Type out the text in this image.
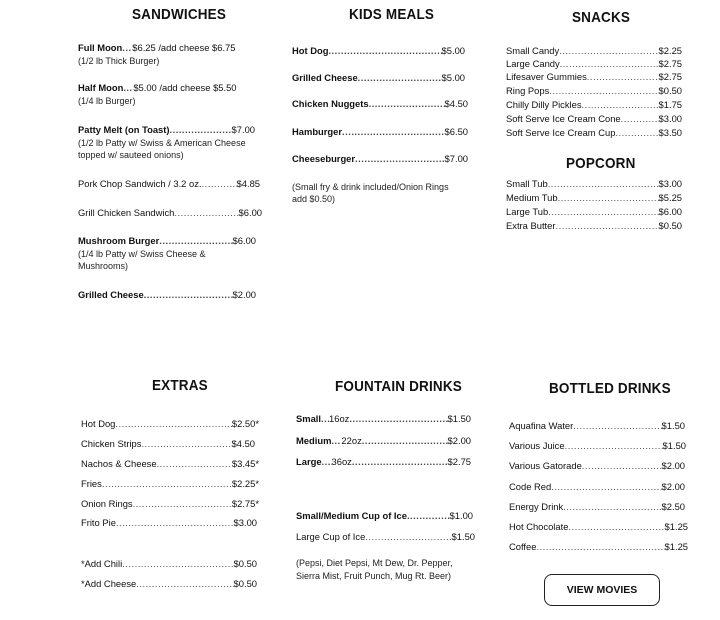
SANDWICHES
Full Moon ..... $6.25 /add cheese $6.75
(1/2 lb Thick Burger)
Half Moon ..... $5.00 /add cheese $5.50
(1/4 lb Burger)
Patty Melt (on Toast) .....	$7.00
(1/2 lb Patty w/ Swiss & American Cheese
topped w/ sauteed onions)
Pork Chop Sandwich / 3.2 oz. .....	$4.85
Grill Chicken Sandwich .....	$6.00
Mushroom Burger .....	$6.00
(1/4 lb Patty w/ Swiss Cheese &
Mushrooms)
Grilled Cheese .....	$2.00
KIDS MEALS
Hot Dog .....	$5.00
Grilled Cheese .....	$5.00
Chicken Nuggets .....	$4.50
Hamburger .....	$6.50
Cheeseburger .....	$7.00
(Small fry & drink included/Onion Rings
add $0.50)
SNACKS
Small Candy .....	$2.25
Large Candy .....	$2.75
Lifesaver Gummies .....	$2.75
Ring Pops .....	$0.50
Chilly Dilly Pickles .....	$1.75
Soft Serve Ice Cream Cone .....	$3.00
Soft Serve Ice Cream Cup .....	$3.50
POPCORN
Small Tub .....	$3.00
Medium Tub .....	$5.25
Large Tub .....	$6.00
Extra Butter .....	$0.50
EXTRAS
Hot Dog .....	$2.50*
Chicken Strips .....	$4.50
Nachos & Cheese .....	$3.45*
Fries .....	$2.25*
Onion Rings .....	$2.75*
Frito Pie .....	$3.00
*Add Chili .....	$0.50
*Add Cheese .....	$0.50
FOUNTAIN DRINKS
Small ..... 16oz .....	$1.50
Medium ..... 22oz .....	$2.00
Large ..... 36oz .....	$2.75
Small/Medium Cup of Ice .....	$1.00
Large Cup of Ice .....	$1.50
(Pepsi, Diet Pepsi, Mt Dew, Dr. Pepper,
Sierra Mist, Fruit Punch, Mug Rt. Beer)
BOTTLED DRINKS
Aquafina Water .....	$1.50
Various Juice .....	$1.50
Various Gatorade .....	$2.00
Code Red .....	$2.00
Energy Drink .....	$2.50
Hot Chocolate .....	$1.25
Coffee .....	$1.25
VIEW MOVIES
